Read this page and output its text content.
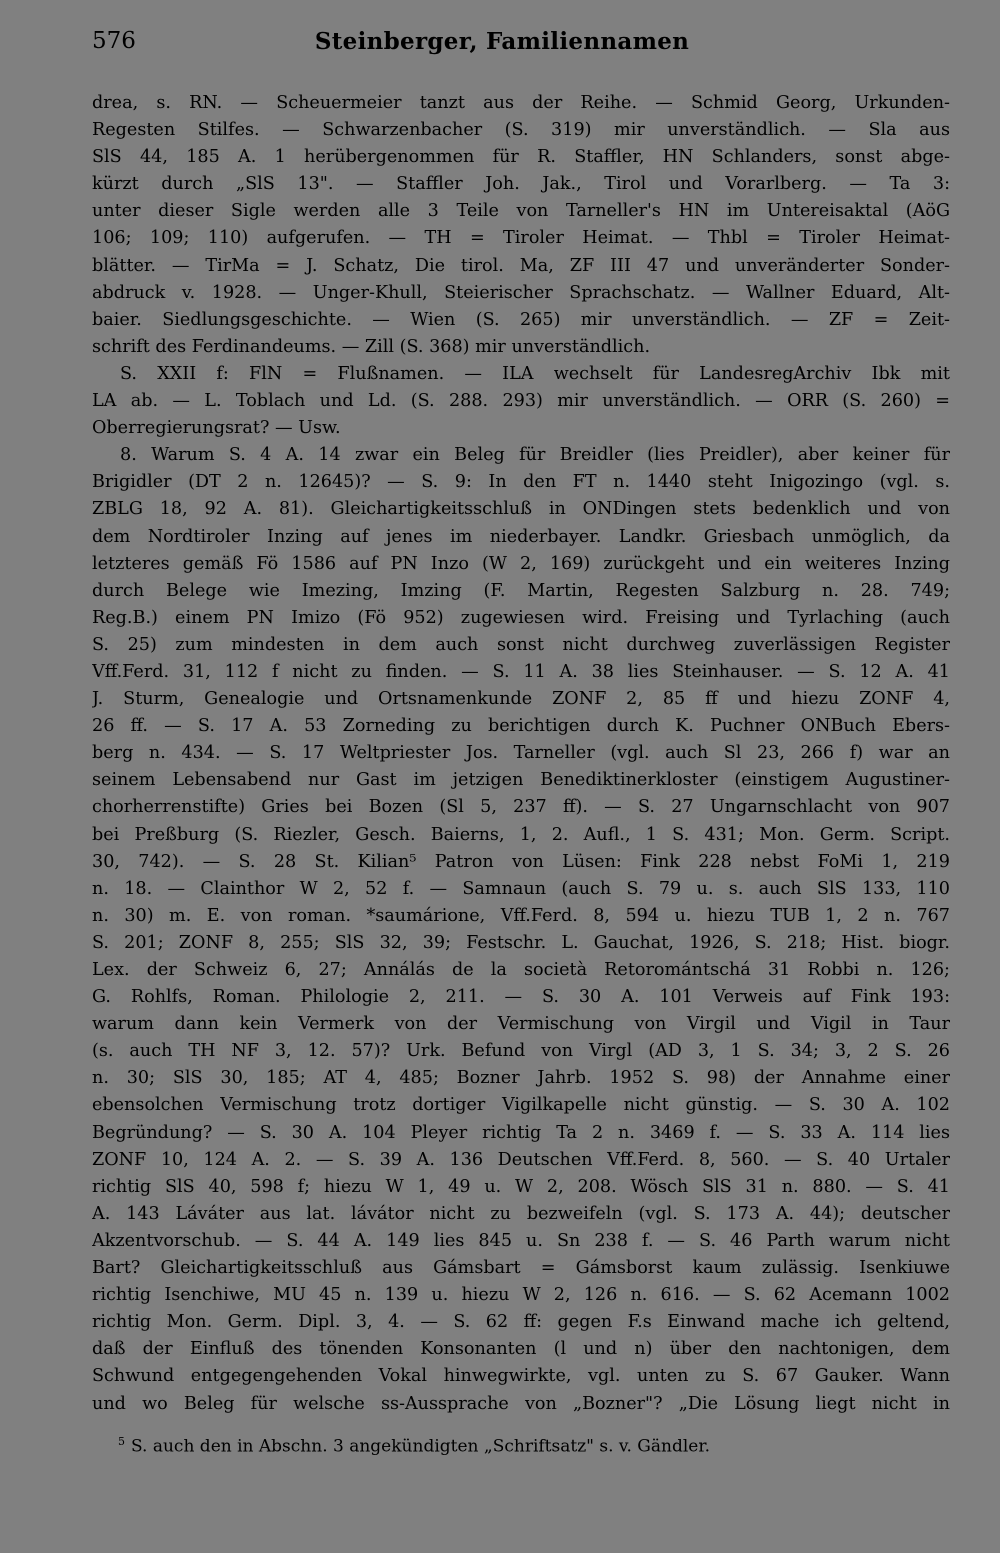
576	Steinberger, Familiennamen
drea, s. RN. — Scheuermeier tanzt aus der Reihe. — Schmid Georg, Urkunden-
Regesten Stilfes. — Schwarzenbacher (S. 319) mir unverständlich. — Sla aus
SlS 44, 185 A. 1 herübergenommen für R. Staffler, HN Schlanders, sonst abge-
kürzt durch „SlS 13". — Staffler Joh. Jak., Tirol und Vorarlberg. — Ta 3:
unter dieser Sigle werden alle 3 Teile von Tarneller's HN im Untereisaktal (AöG
106; 109; 110) aufgerufen. — TH = Tiroler Heimat. — Thbl = Tiroler Heimat-
blätter. — TirMa = J. Schatz, Die tirol. Ma, ZF III 47 und unveränderter Sonder-
abdruck v. 1928. — Unger-Khull, Steierischer Sprachschatz. — Wallner Eduard, Alt-
baier. Siedlungsgeschichte. — Wien (S. 265) mir unverständlich. — ZF = Zeit-
schrift des Ferdinandeums. — Zill (S. 368) mir unverständlich.
S. XXII f: FlN = Flußnamen. — ILA wechselt für LandesregArchiv Ibk mit
LA ab. — L. Toblach und Ld. (S. 288. 293) mir unverständlich. — ORR (S. 260) =
Oberregierungsrat? — Usw.
8. Warum S. 4 A. 14 zwar ein Beleg für Breidler (lies Preidler), aber keiner für
Brigidler (DT 2 n. 12645)? — S. 9: In den FT n. 1440 steht Inigozingo (vgl. s.
ZBLG 18, 92 A. 81). Gleichartigkeitsschluß in ONDingen stets bedenklich und von
dem Nordtiroler Inzing auf jenes im niederbayer. Landkr. Griesbach unmöglich, da
letzteres gemäß Fö 1586 auf PN Inzo (W 2, 169) zurückgeht und ein weiteres Inzing
durch Belege wie Imezing, Imzing (F. Martin, Regesten Salzburg n. 28. 749;
Reg.B.) einem PN Imizo (Fö 952) zugewiesen wird. Freising und Tyrlaching (auch
S. 25) zum mindesten in dem auch sonst nicht durchweg zuverlässigen Register
Vff.Ferd. 31, 112 f nicht zu finden. — S. 11 A. 38 lies Steinhauser. — S. 12 A. 41
J. Sturm, Genealogie und Ortsnamenkunde ZONF 2, 85 ff und hiezu ZONF 4,
26 ff. — S. 17 A. 53 Zorneding zu berichtigen durch K. Puchner ONBuch Ebers-
berg n. 434. — S. 17 Weltpriester Jos. Tarneller (vgl. auch Sl 23, 266 f) war an
seinem Lebensabend nur Gast im jetzigen Benediktinerkloster (einstigem Augustiner-
chorherrenstifte) Gries bei Bozen (Sl 5, 237 ff). — S. 27 Ungarnschlacht von 907
bei Preßburg (S. Riezler, Gesch. Baierns, 1, 2. Aufl., 1 S. 431; Mon. Germ. Script.
30, 742). — S. 28 St. Kilian⁵ Patron von Lüsen: Fink 228 nebst FoMi 1, 219
n. 18. — Clainthor W 2, 52 f. — Samnaun (auch S. 79 u. s. auch SlS 133, 110
n. 30) m. E. von roman. *saumárione, Vff.Ferd. 8, 594 u. hiezu TUB 1, 2 n. 767
S. 201; ZONF 8, 255; SlS 32, 39; Festschr. L. Gauchat, 1926, S. 218; Hist. biogr.
Lex. der Schweiz 6, 27; Annálás de la società Retoromántschá 31 Robbi n. 126;
G. Rohlfs, Roman. Philologie 2, 211. — S. 30 A. 101 Verweis auf Fink 193:
warum dann kein Vermerk von der Vermischung von Virgil und Vigil in Taur
(s. auch TH NF 3, 12. 57)? Urk. Befund von Virgl (AD 3, 1 S. 34; 3, 2 S. 26
n. 30; SlS 30, 185; AT 4, 485; Bozner Jahrb. 1952 S. 98) der Annahme einer
ebensolchen Vermischung trotz dortiger Vigilkapelle nicht günstig. — S. 30 A. 102
Begründung? — S. 30 A. 104 Pleyer richtig Ta 2 n. 3469 f. — S. 33 A. 114 lies
ZONF 10, 124 A. 2. — S. 39 A. 136 Deutschen Vff.Ferd. 8, 560. — S. 40 Urtaler
richtig SlS 40, 598 f; hiezu W 1, 49 u. W 2, 208. Wösch SlS 31 n. 880. — S. 41
A. 143 Láváter aus lat. lávátor nicht zu bezweifeln (vgl. S. 173 A. 44); deutscher
Akzentvorschub. — S. 44 A. 149 lies 845 u. Sn 238 f. — S. 46 Parth warum nicht
Bart? Gleichartigkeitsschluß aus Gámsbart = Gámsborst kaum zulässig. Isenkiuwe
richtig Isenchiwe, MU 45 n. 139 u. hiezu W 2, 126 n. 616. — S. 62 Acemann 1002
richtig Mon. Germ. Dipl. 3, 4. — S. 62 ff: gegen F.s Einwand mache ich geltend,
daß der Einfluß des tönenden Konsonanten (l und n) über den nachtonigen, dem
Schwund entgegengehenden Vokal hinwegwirkte, vgl. unten zu S. 67 Gauker. Wann
und wo Beleg für welsche ss-Aussprache von „Bozner"? „Die Lösung liegt nicht in
$^5$ S. auch den in Abschn. 3 angekündigten „Schriftsatz" s. v. Gändler.
